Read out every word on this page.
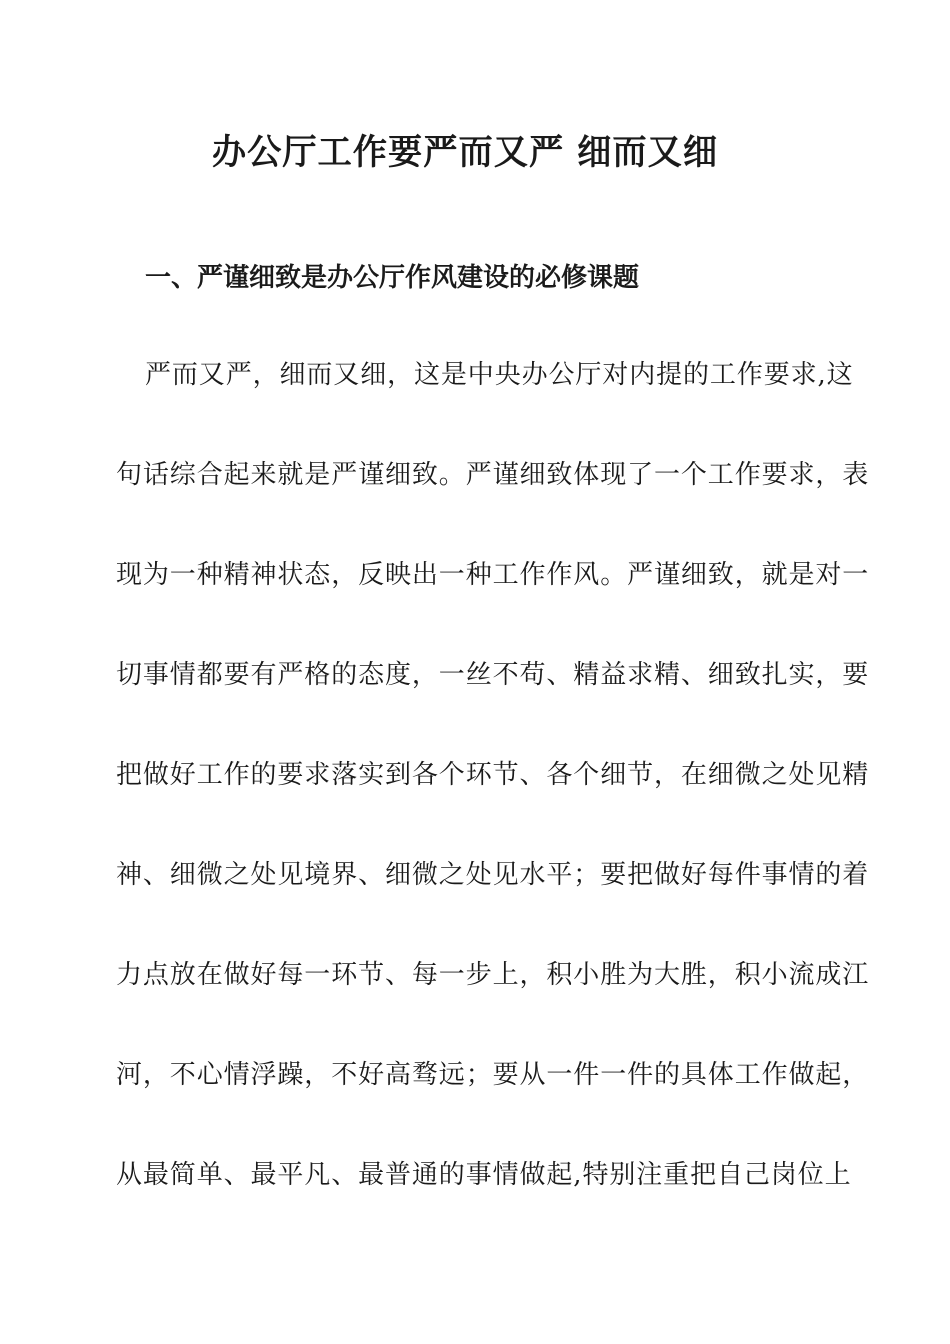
办公厅工作要严而又严 细而又细
一、严谨细致是办公厅作风建设的必修课题

严而又严，细而又细，这是中央办公厅对内提的工作要求,这

句话综合起来就是严谨细致。严谨细致体现了一个工作要求，表

现为一种精神状态，反映出一种工作作风。严谨细致，就是对一

切事情都要有严格的态度，一丝不苟、精益求精、细致扎实，要

把做好工作的要求落实到各个环节、各个细节，在细微之处见精

神、细微之处见境界、细微之处见水平；要把做好每件事情的着

力点放在做好每一环节、每一步上，积小胜为大胜，积小流成江

河，不心情浮躁，不好高骛远；要从一件一件的具体工作做起，

从最简单、最平凡、最普通的事情做起,特别注重把自己岗位上
